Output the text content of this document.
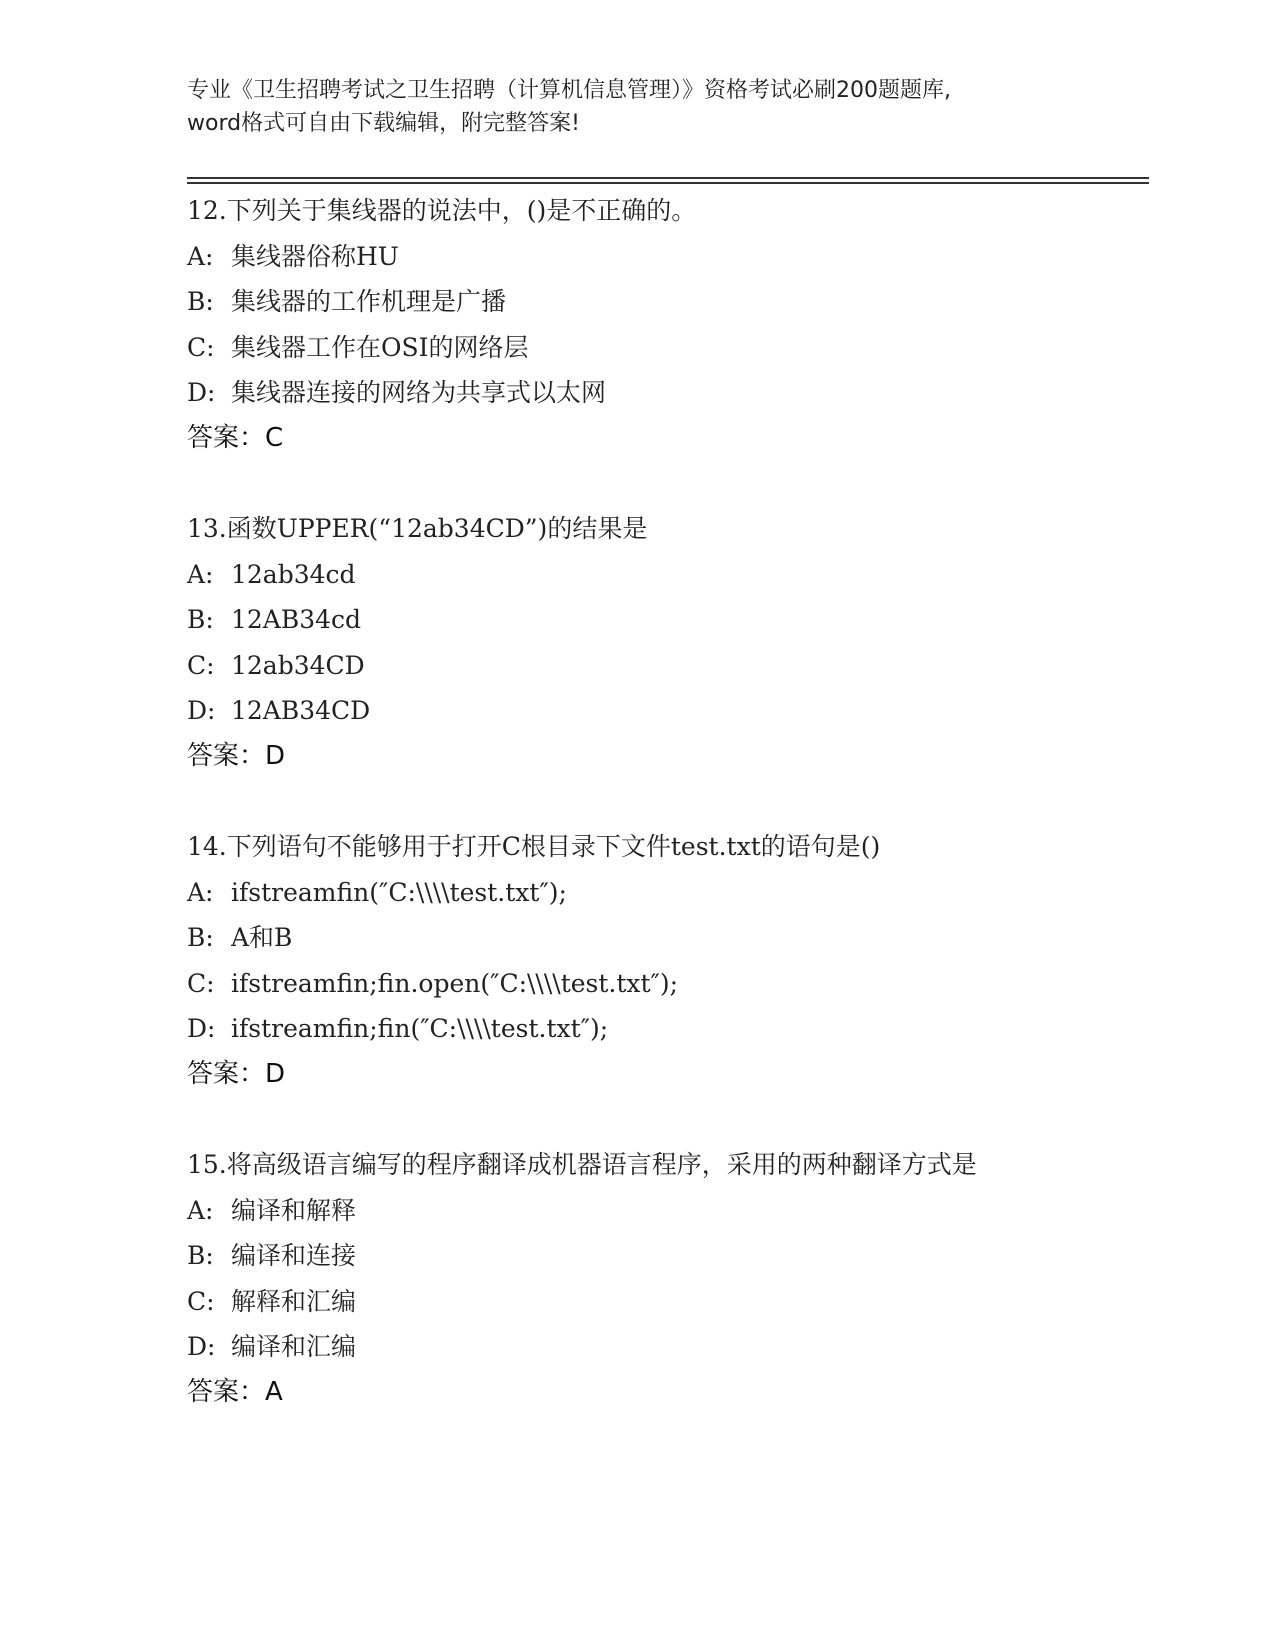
专业《卫生招聘考试之卫生招聘（计算机信息管理）》资格考试必刷200题题库,
word格式可自由下载编辑，附完整答案!
12.下列关于集线器的说法中，()是不正确的。
A: 集线器俗称HU
B: 集线器的工作机理是广播
C: 集线器工作在OSI的网络层
D: 集线器连接的网络为共享式以太网
答案：C
13.函数UPPER(“12ab34CD”)的结果是
A: 12ab34cd
B: 12AB34cd
C: 12ab34CD
D: 12AB34CD
答案：D
14.下列语句不能够用于打开C根目录下文件test.txt的语句是()
A: ifstreamfin(″C:\\\\test.txt″);
B: A和B
C: ifstreamfin;fin.open(″C:\\\\test.txt″);
D: ifstreamfin;fin(″C:\\\\test.txt″);
答案：D
15.将高级语言编写的程序翻译成机器语言程序，采用的两种翻译方式是
A: 编译和解释
B: 编译和连接
C: 解释和汇编
D: 编译和汇编
答案：A
